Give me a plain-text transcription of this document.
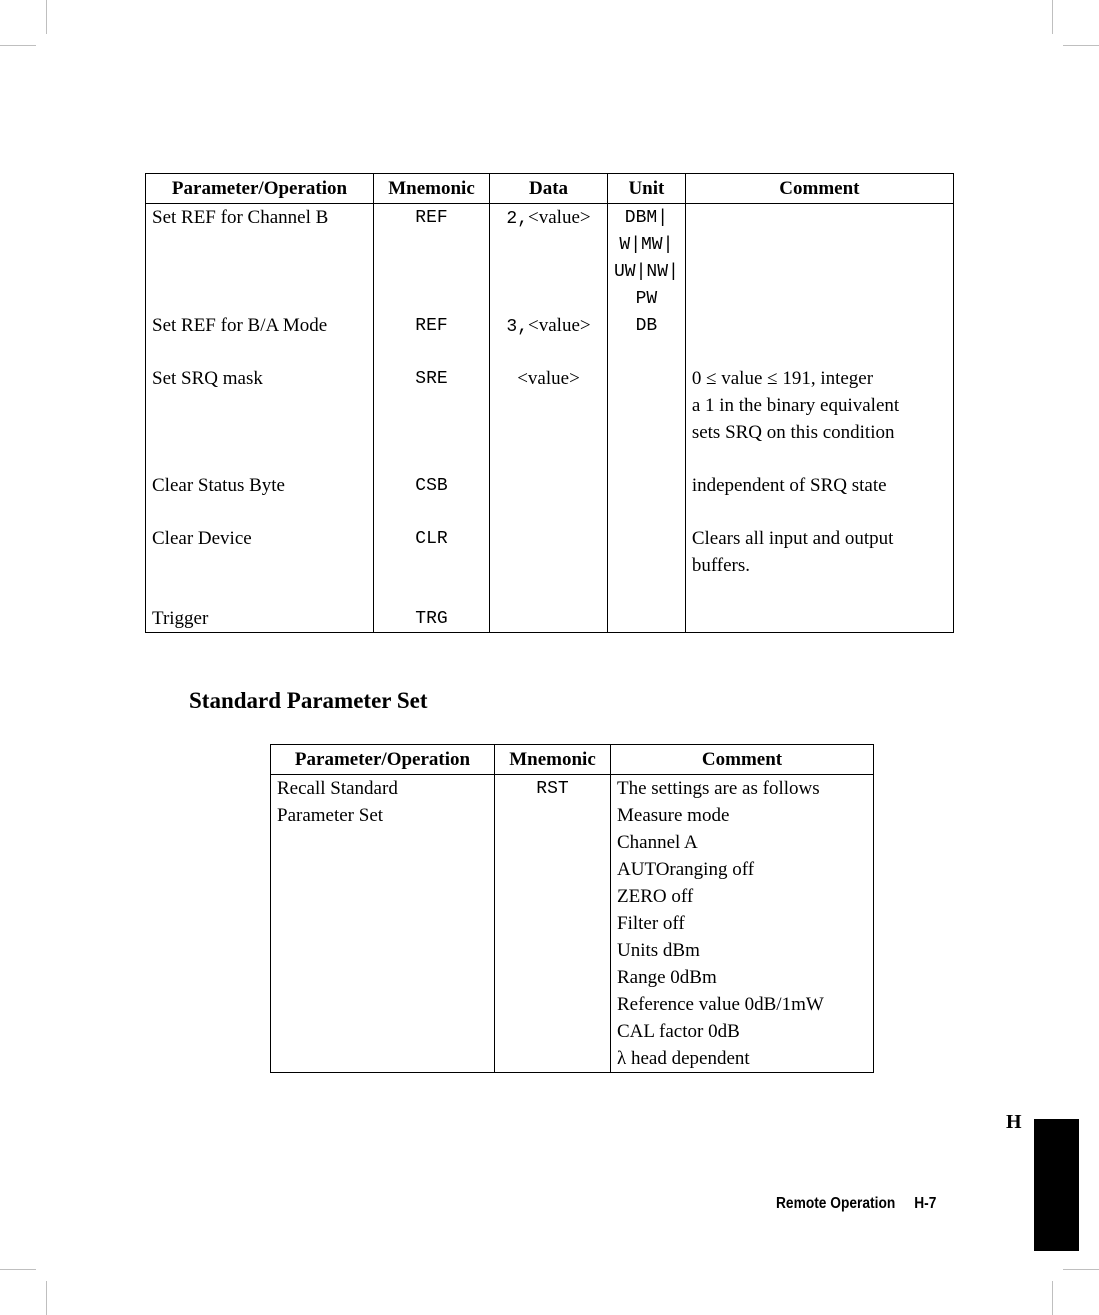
Parameter/Operation	Mnemonic	Data	Unit	Comment
Set REF for Channel B	REF	2,<value>	DBM|	
			W|MW|	
			UW|NW|	
			PW	
Set REF for B/A Mode	REF	3,<value>	DB	

Set SRQ mask	SRE	<value>		0 ≤ value ≤ 191, integer
				a 1 in the binary equivalent
				sets SRQ on this condition

Clear Status Byte	CSB			independent of SRQ state

Clear Device	CLR			Clears all input and output
				buffers.

Trigger	TRG			
Standard Parameter Set
Parameter/Operation	Mnemonic	Comment
Recall Standard	RST	The settings are as follows
Parameter Set		Measure mode
		Channel A
		AUTOranging off
		ZERO off
		Filter off
		Units dBm
		Range 0dBm
		Reference value 0dB/1mW
		CAL factor 0dB
		λ head dependent
H
Remote Operation H-7
